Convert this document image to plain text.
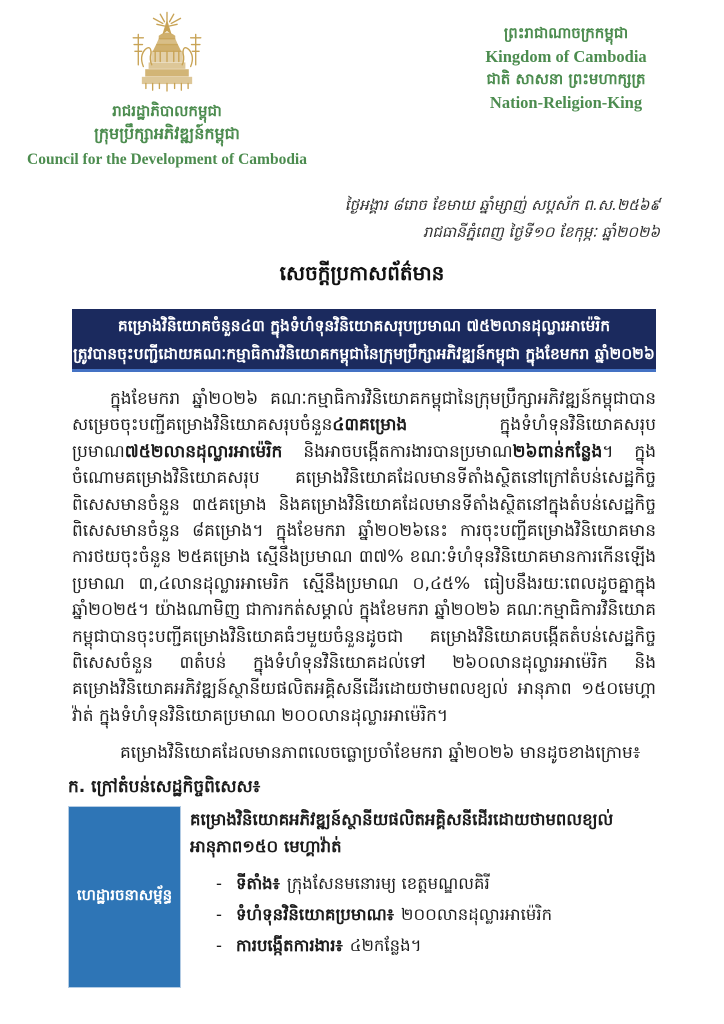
រាជរដ្ឋាភិបាលកម្ពុជា
ក្រុមប្រឹក្សាអភិវឌ្ឍន៍កម្ពុជា
Council for the Development of Cambodia
ព្រះរាជាណាចក្រកម្ពុជា
Kingdom of Cambodia
ជាតិ សាសនា ព្រះមហាក្សត្រ
Nation-Religion-King
ថ្ងៃអង្គារ ៨រោច ខែមាឃ ឆ្នាំម្សាញ់ សប្តស័ក ព.ស.២៥៦៩
រាជធានីភ្នំពេញ ថ្ងៃទី១០ ខែកុម្ភៈ ឆ្នាំ២០២៦
សេចក្តីប្រកាសព័ត៌មាន
គម្រោងវិនិយោគចំនួន៤៣ ក្នុងទំហំទុនវិនិយោគសរុបប្រមាណ ៧៥២លានដុល្លារអាម៉េរិក
ត្រូវបានចុះបញ្ជីដោយគណៈកម្មាធិការវិនិយោគកម្ពុជានៃក្រុមប្រឹក្សាអភិវឌ្ឍន៍កម្ពុជា ក្នុងខែមករា ឆ្នាំ២០២៦
ក្នុងខែមករា ឆ្នាំ២០២៦ គណៈកម្មាធិការវិនិយោគកម្ពុជានៃក្រុមប្រឹក្សាអភិវឌ្ឍន៍កម្ពុជាបានសម្រេចចុះបញ្ជីគម្រោងវិនិយោគសរុបចំនួន៤៣គម្រោង ក្នុងទំហំទុនវិនិយោគសរុបប្រមាណ៧៥២លានដុល្លារអាម៉េរិក និងអាចបង្កើតការងារបានប្រមាណ២៦ពាន់កន្លែង។ ក្នុងចំណោមគម្រោងវិនិយោគសរុប គម្រោងវិនិយោគដែលមានទីតាំងស្ថិតនៅក្រៅតំបន់សេដ្ឋកិច្ចពិសេសមានចំនួន ៣៥គម្រោង និងគម្រោងវិនិយោគដែលមានទីតាំងស្ថិតនៅក្នុងតំបន់សេដ្ឋកិច្ចពិសេសមានចំនួន ៨គម្រោង។ ក្នុងខែមករា ឆ្នាំ២០២៦នេះ ការចុះបញ្ជីគម្រោងវិនិយោគមានការថយចុះចំនួន ២៥គម្រោង ស្មើនឹងប្រមាណ ៣៧% ខណៈទំហំទុនវិនិយោគមានការកើនឡើងប្រមាណ ៣,៤លានដុល្លារអាមេរិក ស្មើនឹងប្រមាណ ០,៤៥% ធៀបនឹងរយៈពេលដូចគ្នាក្នុងឆ្នាំ២០២៥។ យ៉ាងណាមិញ ជាការកត់សម្គាល់ ក្នុងខែមករា ឆ្នាំ២០២៦ គណៈកម្មាធិការវិនិយោគកម្ពុជាបានចុះបញ្ជីគម្រោងវិនិយោគធំៗមួយចំនួនដូចជា គម្រោងវិនិយោគបង្កើតតំបន់សេដ្ឋកិច្ចពិសេសចំនួន ៣តំបន់ ក្នុងទំហំទុនវិនិយោគដល់ទៅ ២៦០លានដុល្លារអាម៉េរិក និងគម្រោងវិនិយោគអភិវឌ្ឍន៍ស្ថានីយផលិតអគ្គិសនីដើរដោយថាមពលខ្យល់ អានុភាព ១៥០មេហ្គាវ៉ាត់ ក្នុងទំហំទុនវិនិយោគប្រមាណ ២០០លានដុល្លារអាម៉េរិក។
គម្រោងវិនិយោគដែលមានភាពលេចធ្លោប្រចាំខែមករា ឆ្នាំ២០២៦ មានដូចខាងក្រោម៖
ក. ក្រៅតំបន់សេដ្ឋកិច្ចពិសេស៖
ហេដ្ឋារចនាសម្ព័ន្ធ
គម្រោងវិនិយោគអភិវឌ្ឍន៍ស្ថានីយផលិតអគ្គិសនីដើរដោយថាមពលខ្យល់ អានុភាព១៥០ មេហ្គាវ៉ាត់
- ទីតាំង៖ ក្រុងសែនមនោរម្យ ខេត្តមណ្ឌលគិរី
- ទំហំទុនវិនិយោគប្រមាណ៖ ២០០លានដុល្លារអាម៉េរិក
- ការបង្កើតការងារ៖ ៤២កន្លែង។
